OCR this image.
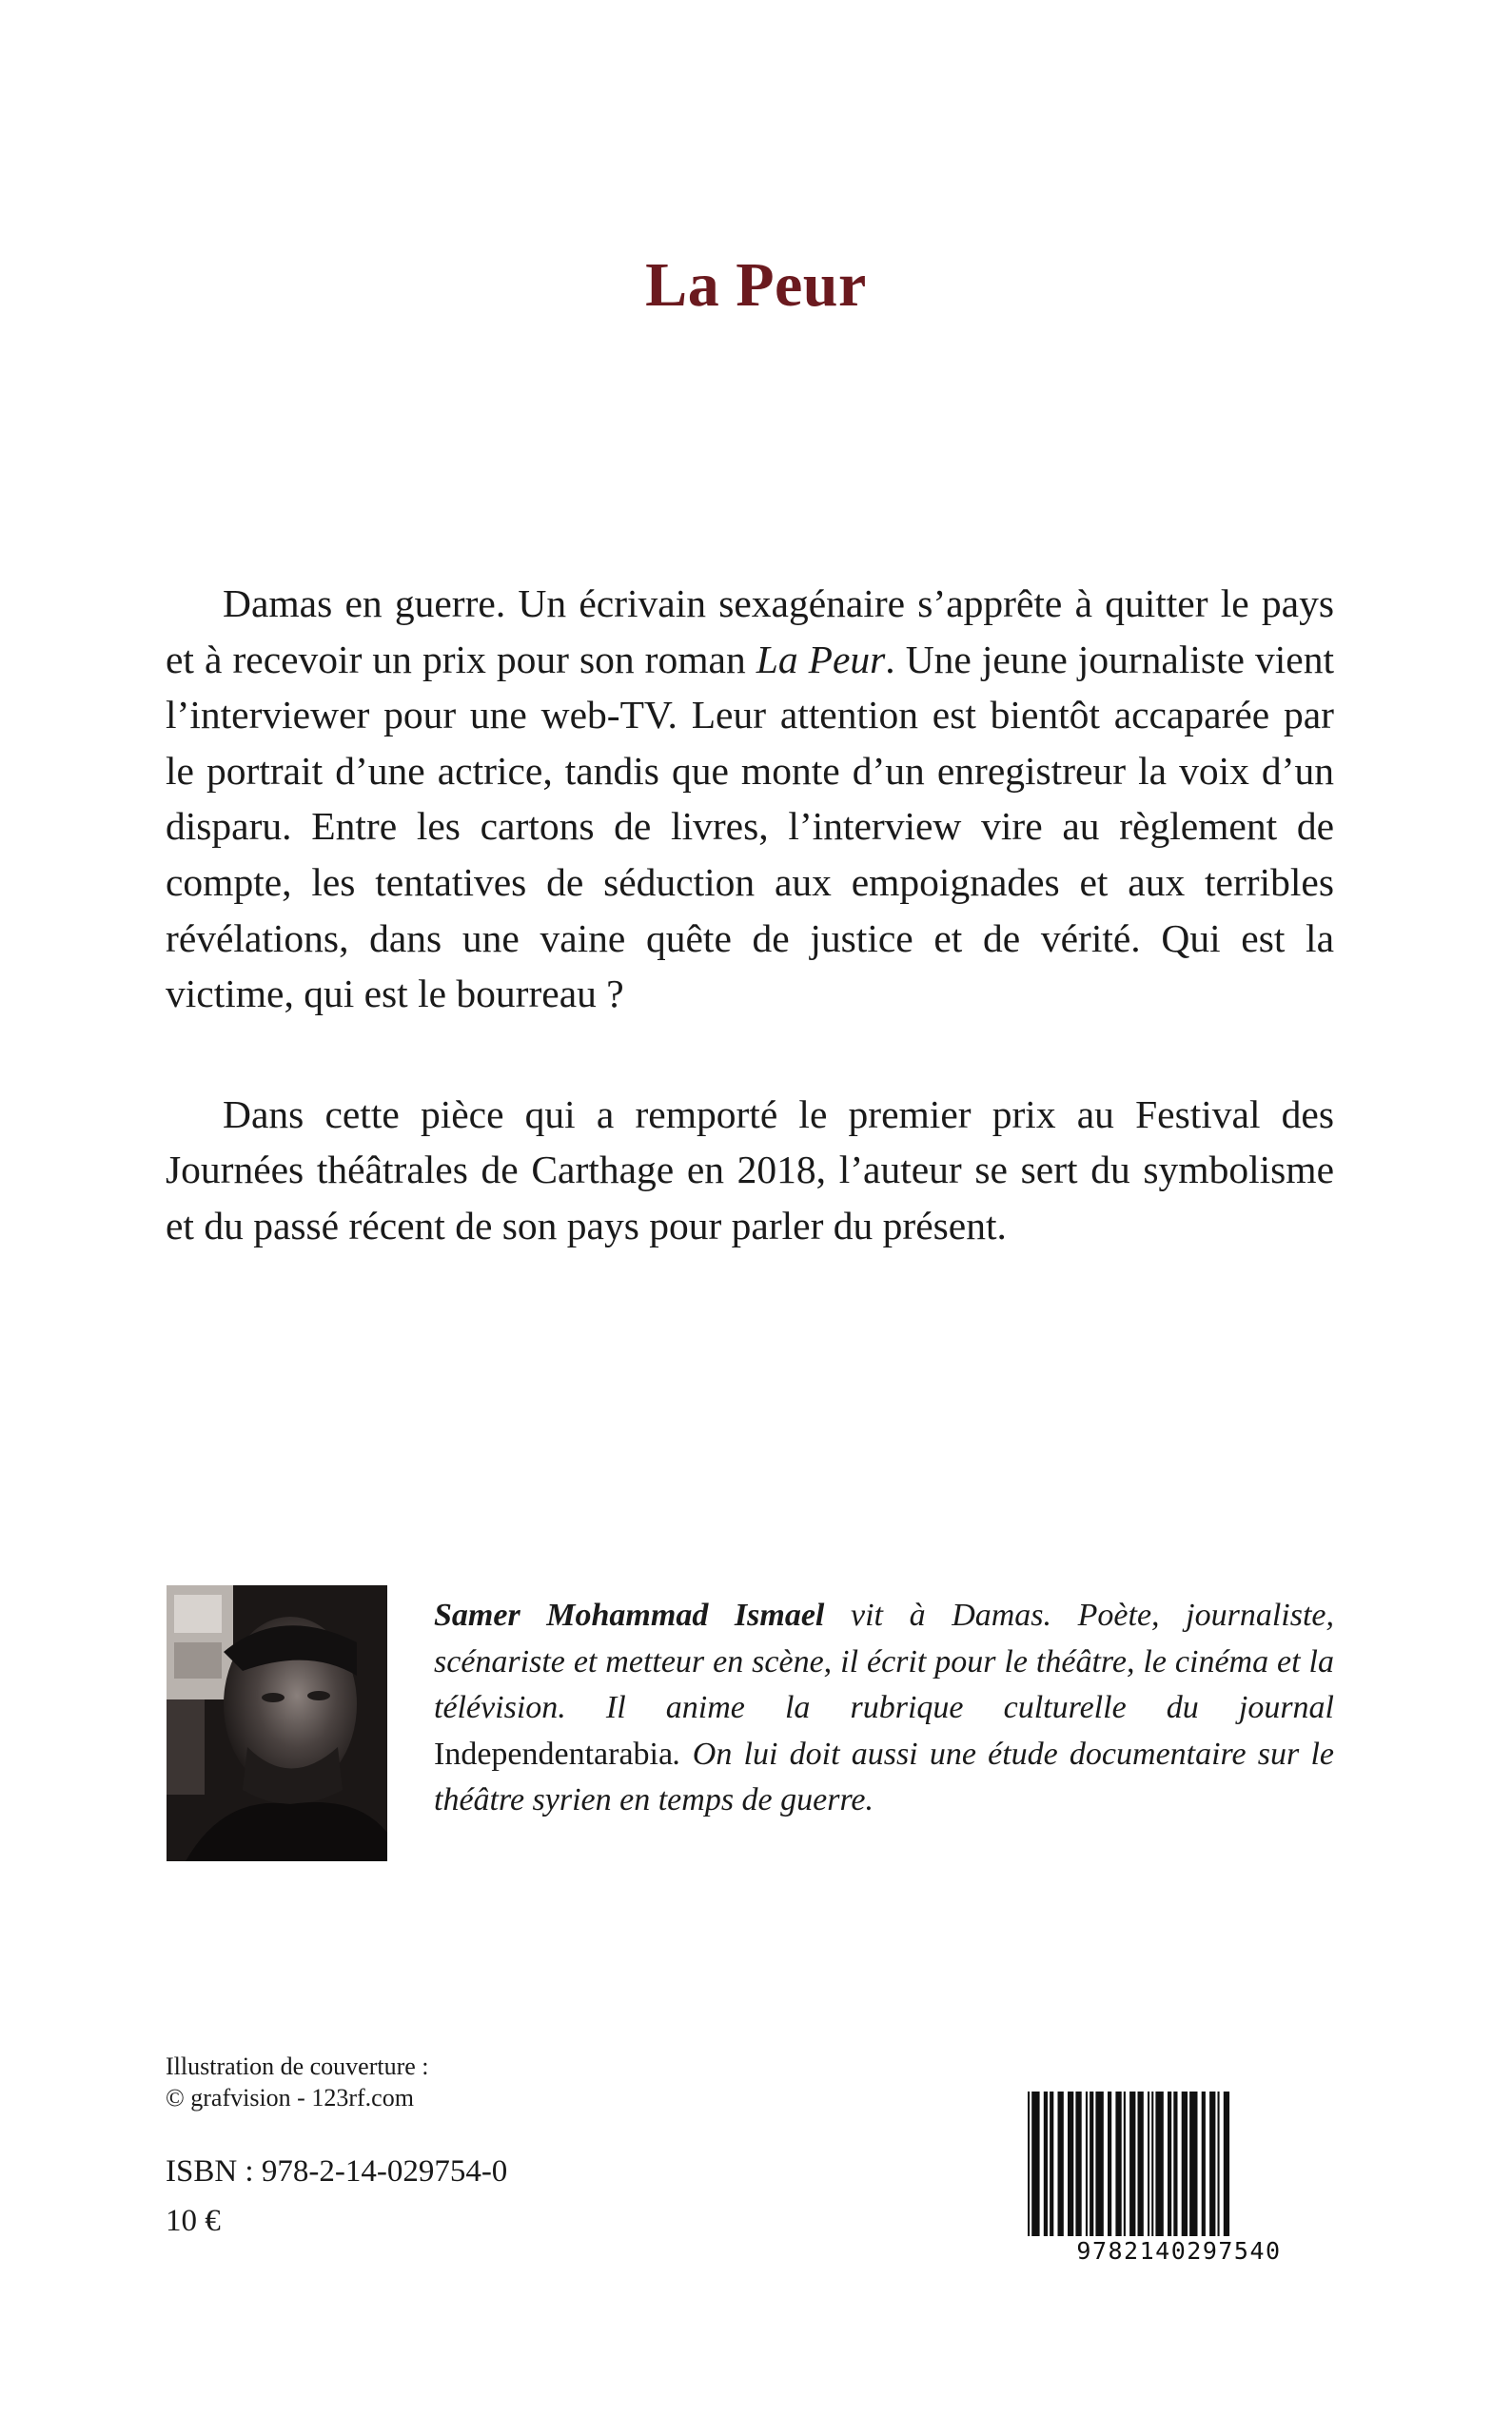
La Peur

Damas en guerre. Un écrivain sexagénaire s’apprête à quitter le pays et à recevoir un prix pour son roman La Peur. Une jeune journaliste vient l’interviewer pour une web-TV. Leur attention est bientôt accaparée par le portrait d’une actrice, tandis que monte d’un enregistreur la voix d’un disparu. Entre les cartons de livres, l’interview vire au règlement de compte, les tentatives de séduction aux empoignades et aux terribles révélations, dans une vaine quête de justice et de vérité. Qui est la victime, qui est le bourreau ?

Dans cette pièce qui a remporté le premier prix au Festival des Journées théâtrales de Carthage en 2018, l’auteur se sert du symbolisme et du passé récent de son pays pour parler du présent.

Samer Mohammad Ismael vit à Damas. Poète, journaliste, scénariste et metteur en scène, il écrit pour le théâtre, le cinéma et la télévision. Il anime la rubrique culturelle du journal Independentarabia. On lui doit aussi une étude documentaire sur le théâtre syrien en temps de guerre.
Illustration de couverture :
© grafvision - 123rf.com
ISBN : 978-2-14-029754-0
10 €
9782140297540
